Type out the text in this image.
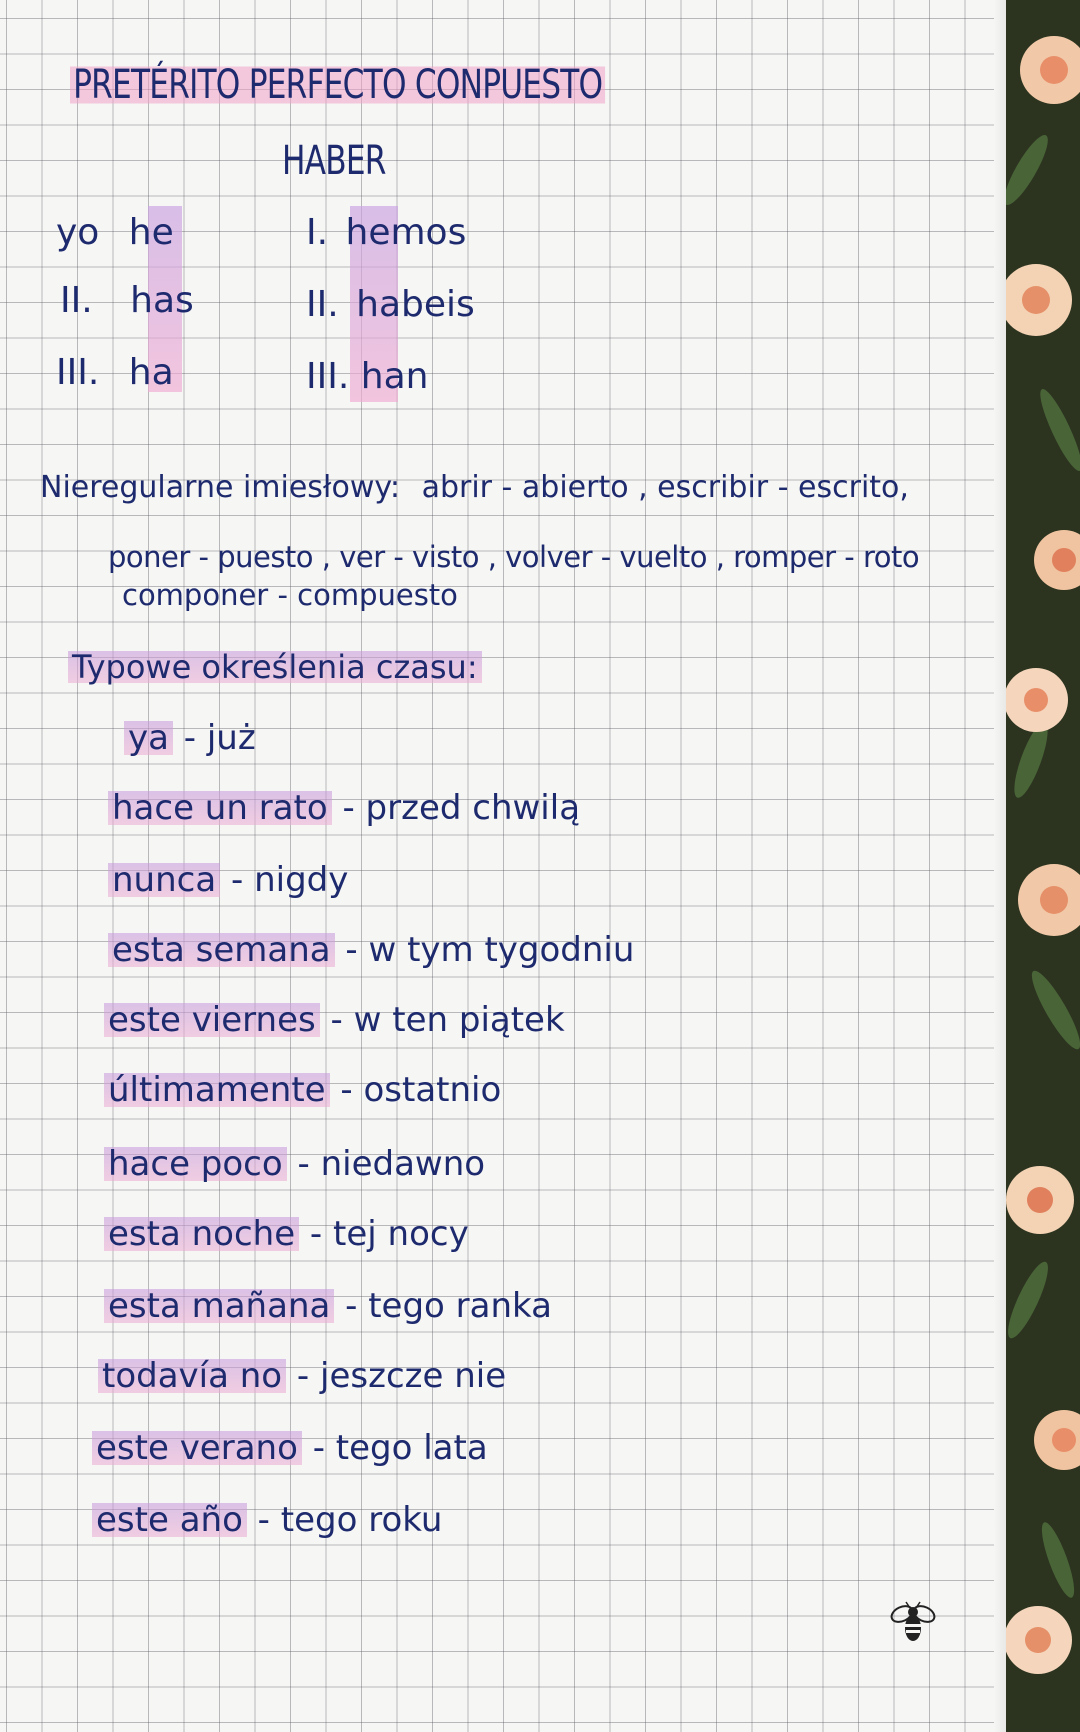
PRETÉRITO PERFECTO CONPUESTO
HABER
yo he
II. has
III. ha
I. hemos
II. habeis
III. han
Nieregularne imiesłowy: abrir - abierto , escribir - escrito,
poner - puesto , ver - visto , volver - vuelto , romper - roto
componer - compuesto
Typowe określenia czasu:
ya - już
hace un rato - przed chwilą
nunca - nigdy
esta semana - w tym tygodniu
este viernes - w ten piątek
últimamente - ostatnio
hace poco - niedawno
esta noche - tej nocy
esta mañana - tego ranka
todavía no - jeszcze nie
este verano - tego lata
este año - tego roku
